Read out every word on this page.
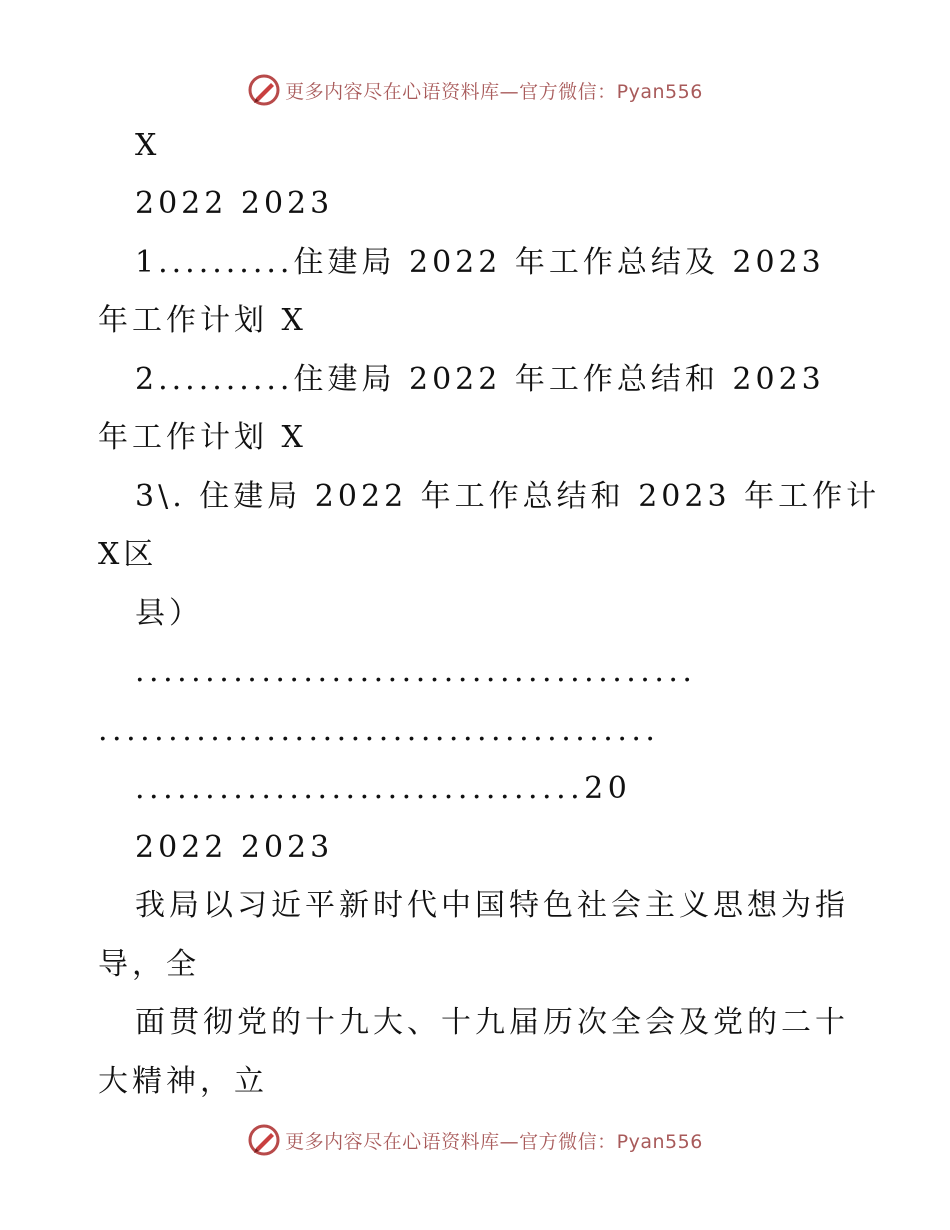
更多内容尽在心语资料库—官方微信：Pyan556
X
2022 2023
1..........住建局 2022 年工作总结及 2023
年工作计划 X
2..........住建局 2022 年工作总结和 2023
年工作计划 X
3\. 住建局 2022 年工作总结和 2023 年工作计
X区
县）
........................................
........................................
................................20
2022 2023
我局以习近平新时代中国特色社会主义思想为指
导，全
面贯彻党的十九大、十九届历次全会及党的二十
大精神，立
更多内容尽在心语资料库—官方微信：Pyan556
